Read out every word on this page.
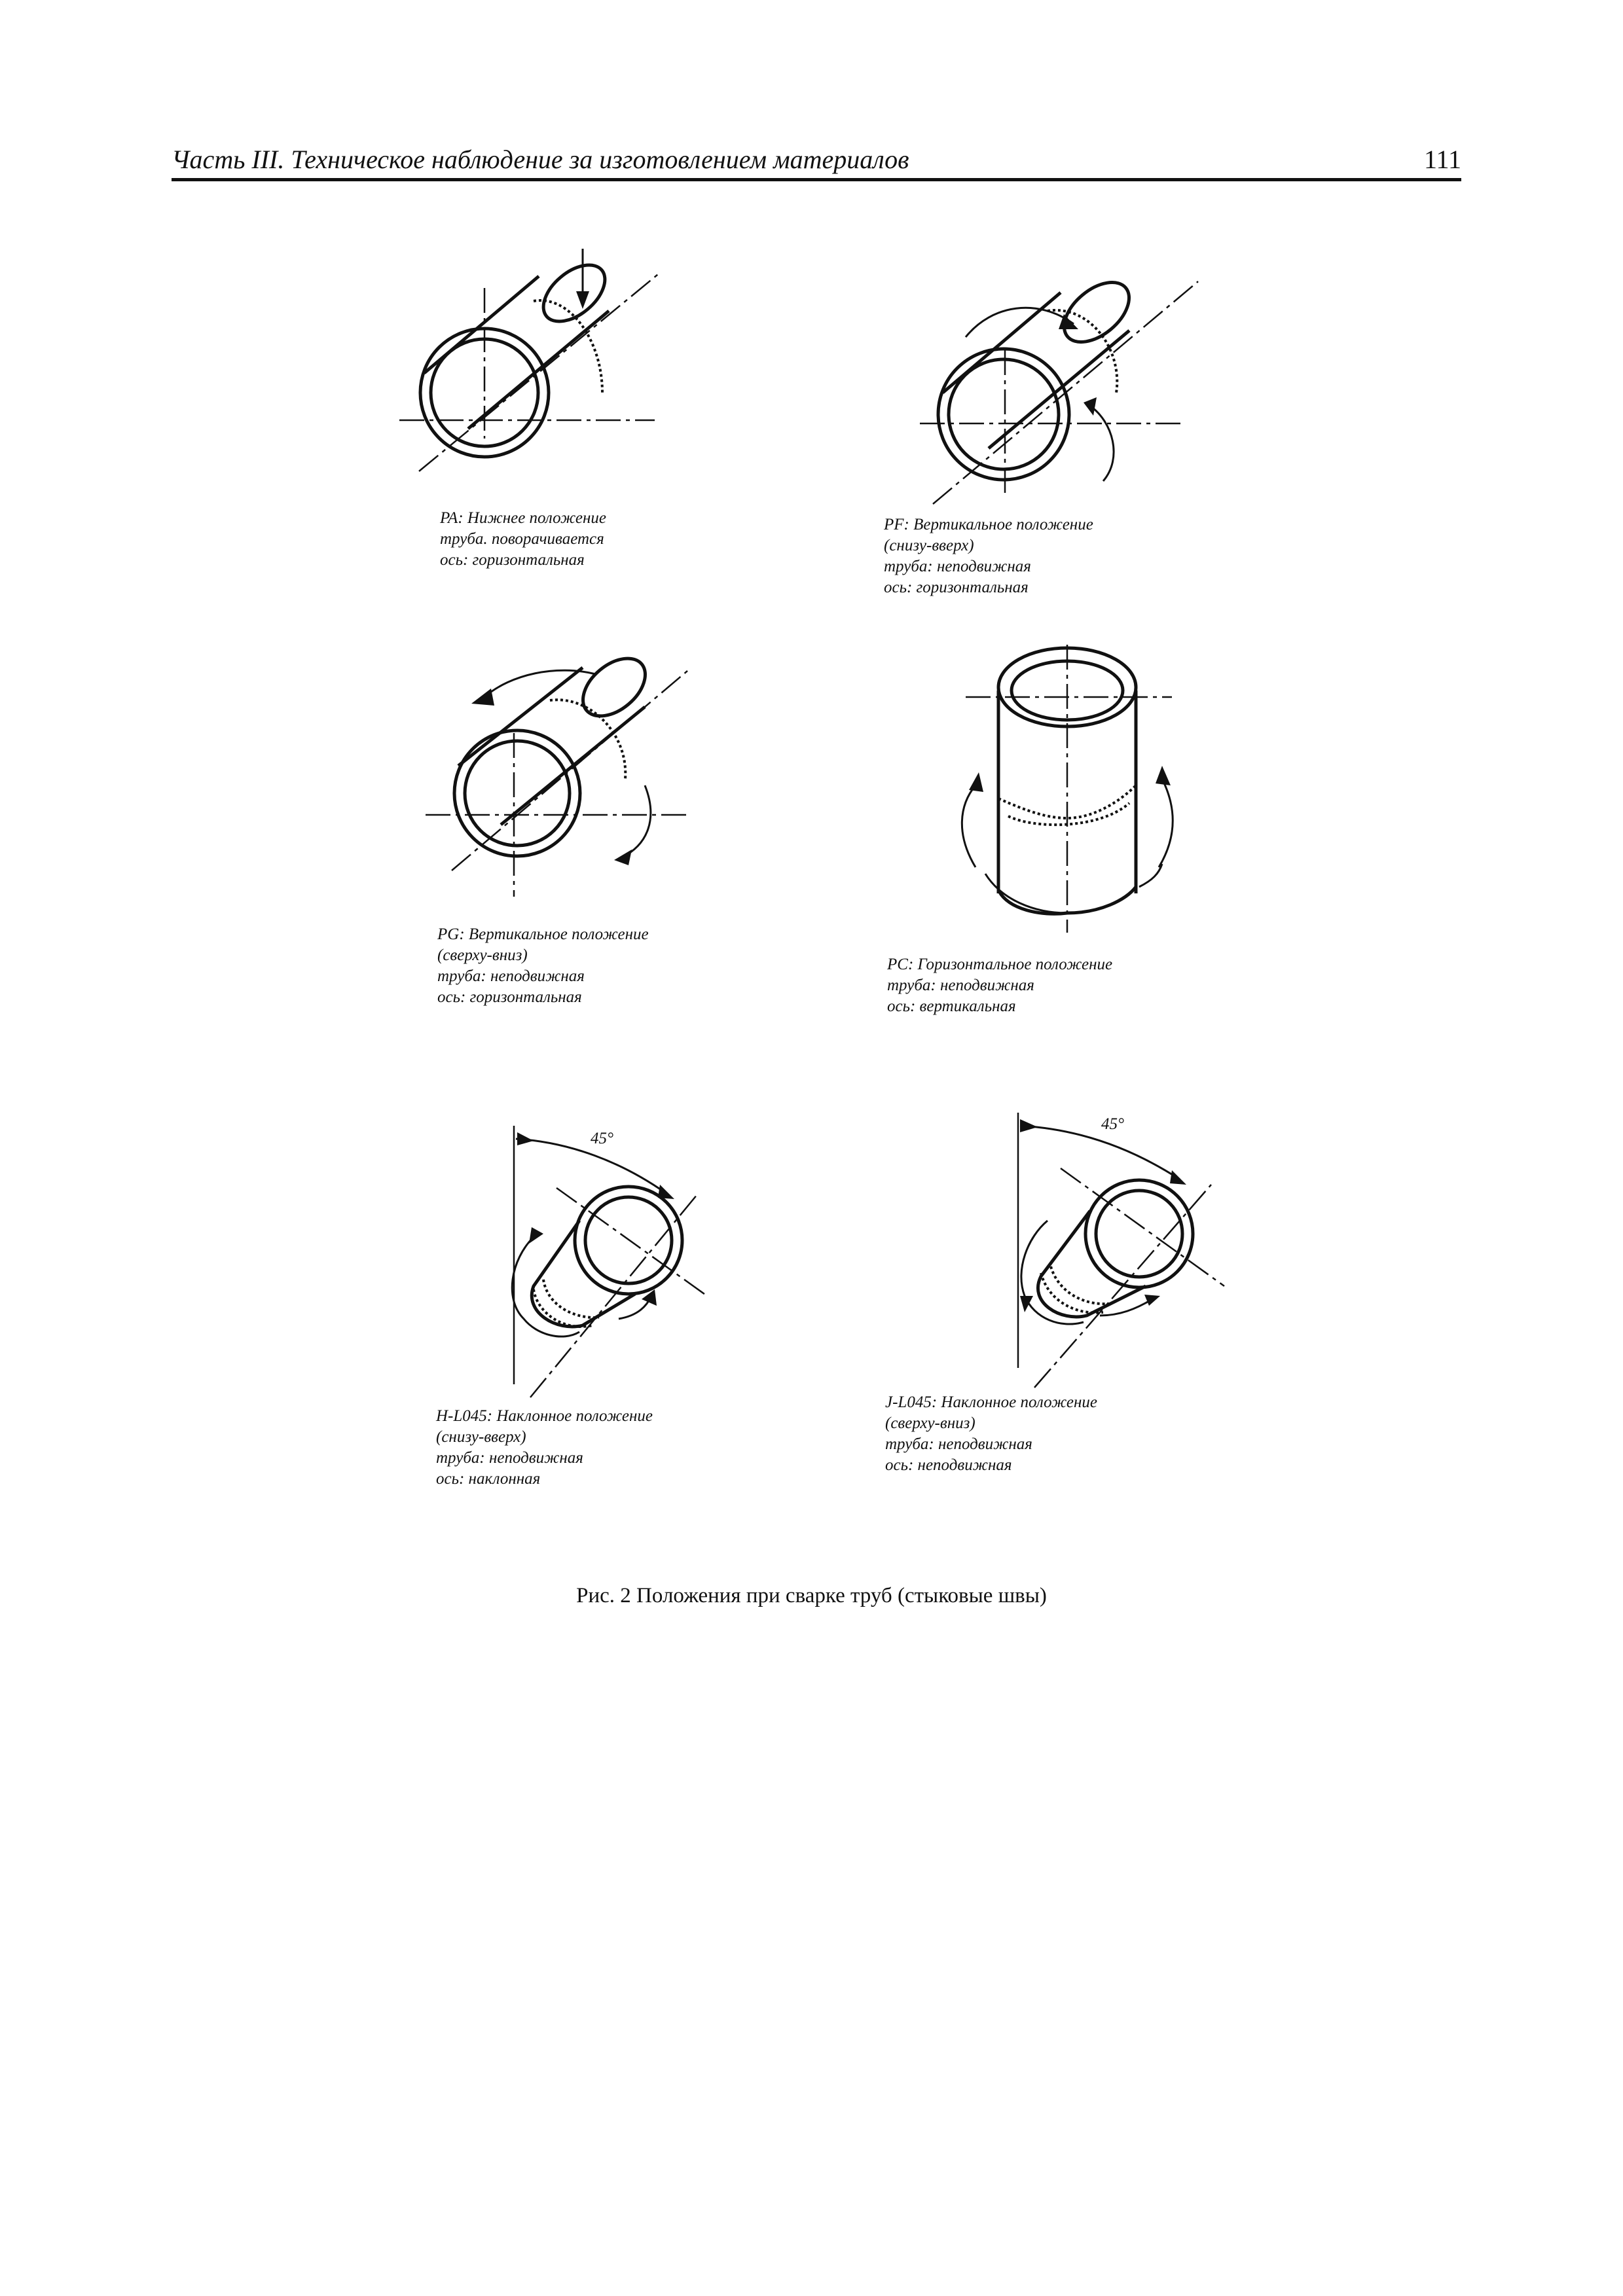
Часть III. Техническое наблюдение за изготовлением материалов	111
PA: Нижнее положение
труба. поворачивается
ось: горизонтальная
PF: Вертикальное положение
(снизу-вверх)
труба: неподвижная
ось: горизонтальная
PG: Вертикальное положение
(сверху-вниз)
труба: неподвижная
ось: горизонтальная
PC: Горизонтальное положение
труба: неподвижная
ось: вертикальная
45°
H-L045: Наклонное положение
(снизу-вверх)
труба: неподвижная
ось: наклонная
45°
J-L045: Наклонное положение
(сверху-вниз)
труба: неподвижная
ось: неподвижная
Рис. 2 Положения при сварке труб (стыковые швы)
